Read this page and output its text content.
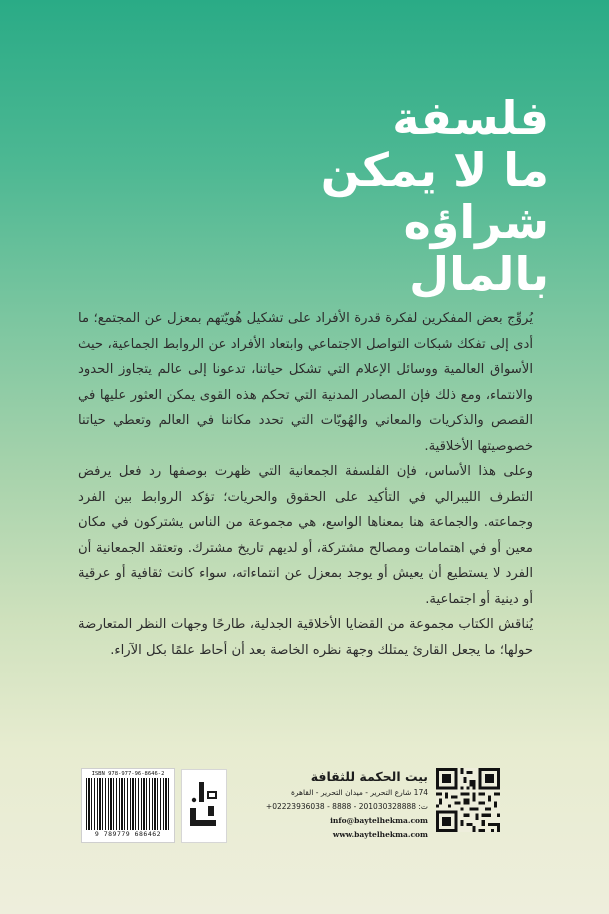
فلسفة
ما لا يمكن
شراؤه
بالمال

يُروِّج بعض المفكرين لفكرة قدرة الأفراد على تشكيل هُويّتهم بمعزل عن المجتمع؛ ما أدى إلى تفكك شبكات التواصل الاجتماعي وابتعاد الأفراد عن الروابط الجماعية، حيث الأسواق العالمية ووسائل الإعلام التي تشكل حياتنا، تدعونا إلى عالم يتجاوز الحدود والانتماء، ومع ذلك فإن المصادر المدنية التي تحكم هذه القوى يمكن العثور عليها في القصص والذكريات والمعاني والهُويّات التي تحدد مكاننا في العالم وتعطي حياتنا خصوصيتها الأخلاقية.

وعلى هذا الأساس، فإن الفلسفة الجمعانية التي ظهرت بوصفها رد فعل يرفض التطرف الليبرالي في التأكيد على الحقوق والحريات؛ تؤكد الروابط بين الفرد وجماعته. والجماعة هنا بمعناها الواسع، هي مجموعة من الناس يشتركون في مكان معين أو في اهتمامات ومصالح مشتركة، أو لديهم تاريخ مشترك. وتعتقد الجمعانية أن الفرد لا يستطيع أن يعيش أو يوجد بمعزل عن انتماءاته، سواء كانت ثقافية أو عرقية أو دينية أو اجتماعية.

يُناقش الكتاب مجموعة من القضايا الأخلاقية الجدلية، طارحًا وجهات النظر المتعارضة حولها؛ ما يجعل القارئ يمتلك وجهة نظره الخاصة بعد أن أحاط علمًا بكل الآراء.

ISBN 978-977-96-8646-2
9 789779 686462
بيت الحكمة للثقافة
174 شارع التحرير - ميدان التحرير - القاهرة
ت: 0222393603‭8‬ - 8888 - 201030328888+
info@baytelhekma.com
www.baytelhekma.com
